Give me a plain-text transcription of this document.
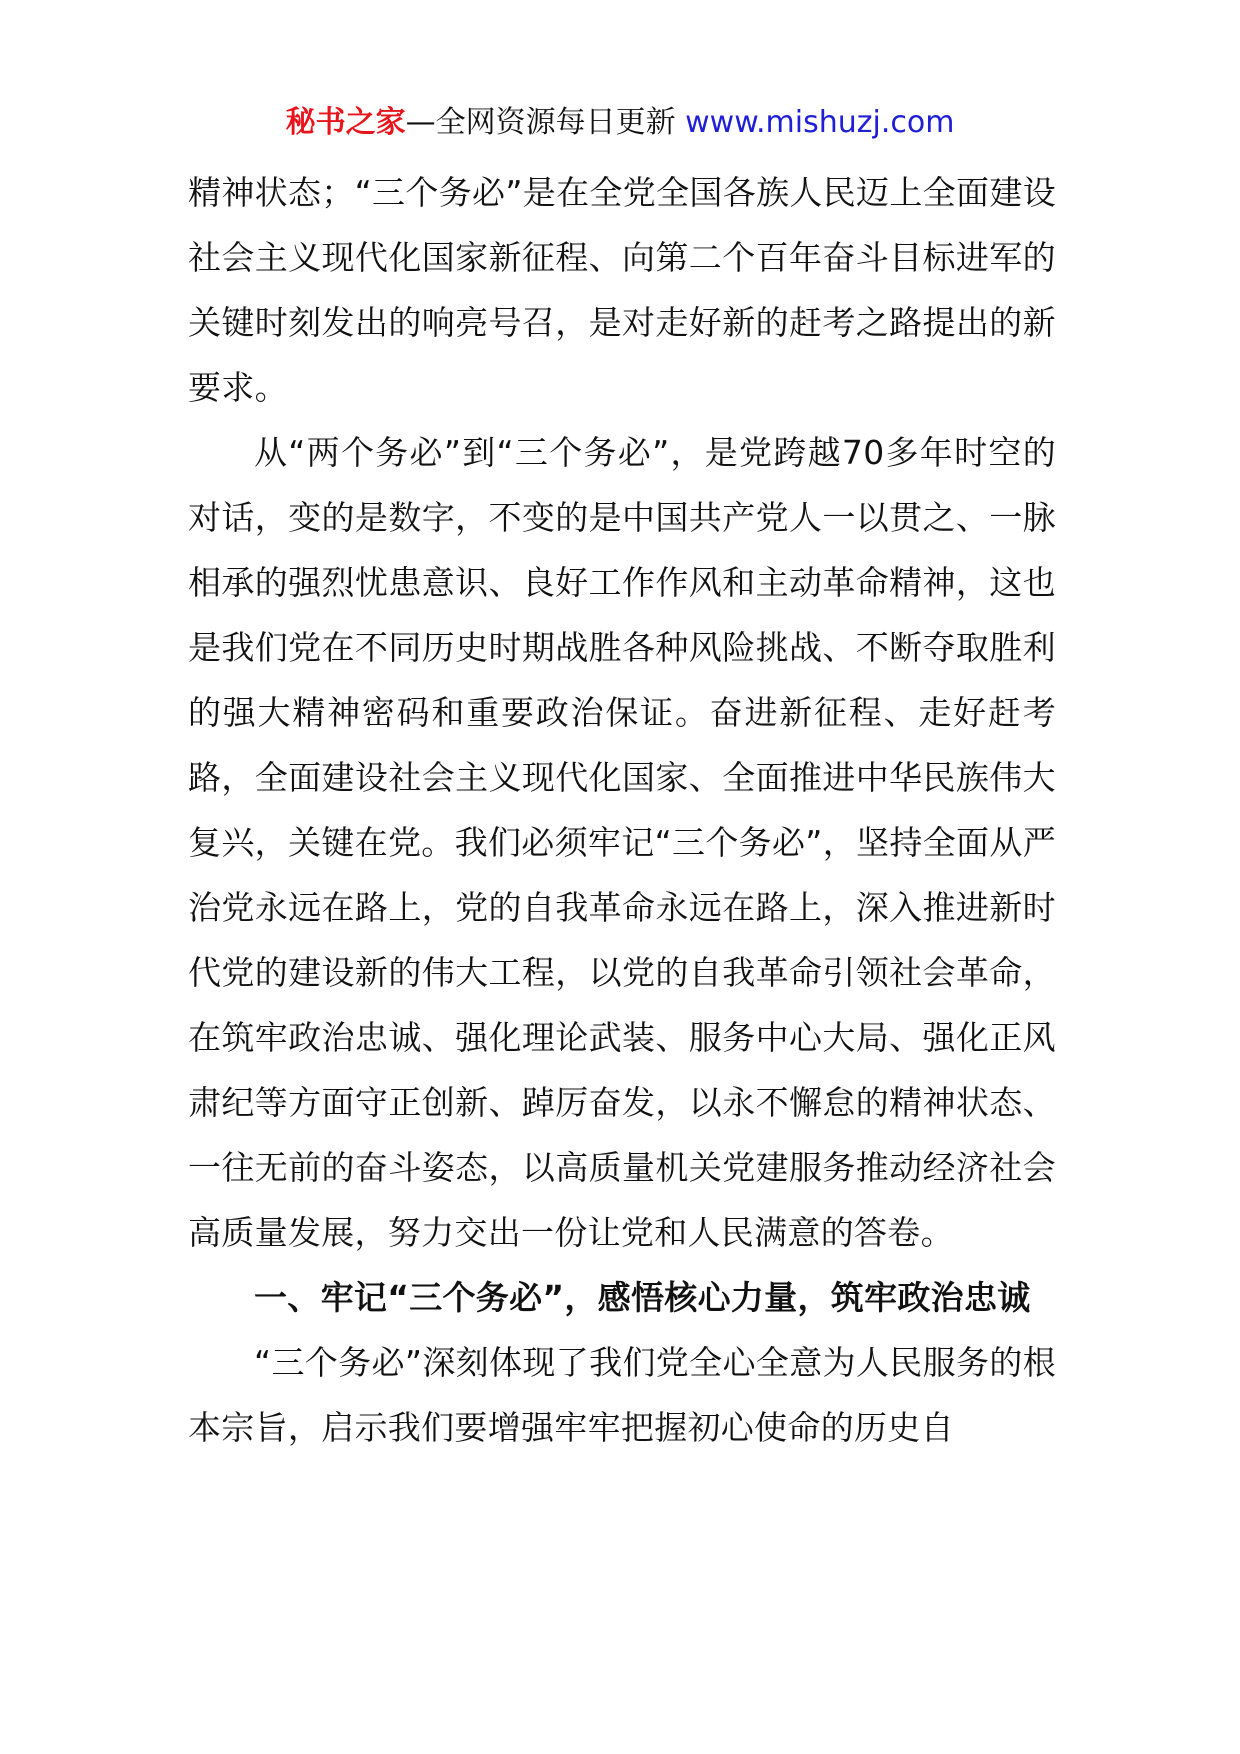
秘书之家—全网资源每日更新 www.mishuzj.com

精神状态；“三个务必”是在全党全国各族人民迈上全面建设社会主义现代化国家新征程、向第二个百年奋斗目标进军的关键时刻发出的响亮号召，是对走好新的赶考之路提出的新要求。

从“两个务必”到“三个务必”，是党跨越70多年时空的对话，变的是数字，不变的是中国共产党人一以贯之、一脉相承的强烈忧患意识、良好工作作风和主动革命精神，这也是我们党在不同历史时期战胜各种风险挑战、不断夺取胜利的强大精神密码和重要政治保证。奋进新征程、走好赶考路，全面建设社会主义现代化国家、全面推进中华民族伟大复兴，关键在党。我们必须牢记“三个务必”，坚持全面从严治党永远在路上，党的自我革命永远在路上，深入推进新时代党的建设新的伟大工程，以党的自我革命引领社会革命，在筑牢政治忠诚、强化理论武装、服务中心大局、强化正风肃纪等方面守正创新、踔厉奋发，以永不懈怠的精神状态、一往无前的奋斗姿态，以高质量机关党建服务推动经济社会高质量发展，努力交出一份让党和人民满意的答卷。

一、牢记“三个务必”，感悟核心力量，筑牢政治忠诚

“三个务必”深刻体现了我们党全心全意为人民服务的根本宗旨，启示我们要增强牢牢把握初心使命的历史自
